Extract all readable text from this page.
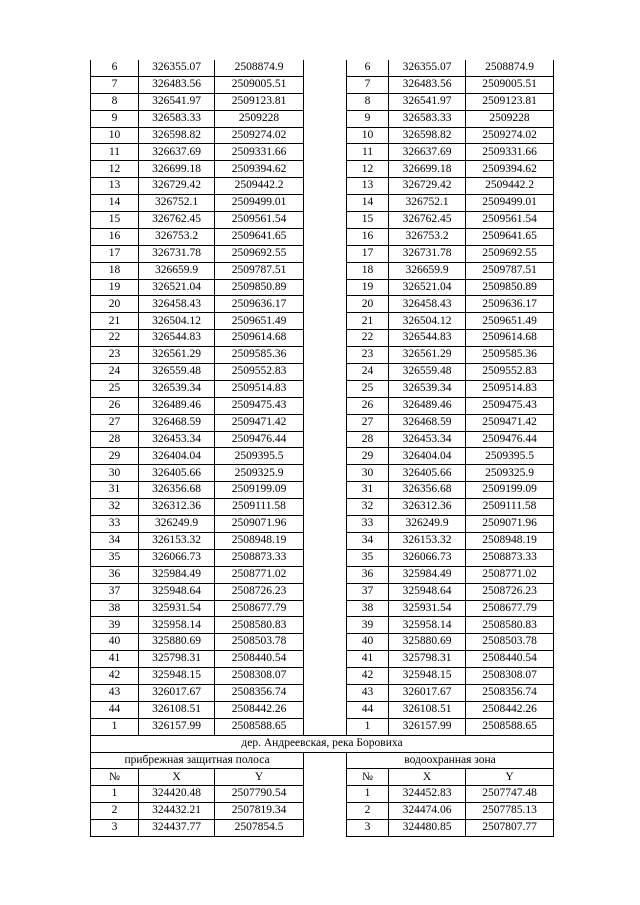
6	326355.07	2508874.9		6	326355.07	2508874.9
7	326483.56	2509005.51		7	326483.56	2509005.51
8	326541.97	2509123.81		8	326541.97	2509123.81
9	326583.33	2509228		9	326583.33	2509228
10	326598.82	2509274.02		10	326598.82	2509274.02
11	326637.69	2509331.66		11	326637.69	2509331.66
12	326699.18	2509394.62		12	326699.18	2509394.62
13	326729.42	2509442.2		13	326729.42	2509442.2
14	326752.1	2509499.01		14	326752.1	2509499.01
15	326762.45	2509561.54		15	326762.45	2509561.54
16	326753.2	2509641.65		16	326753.2	2509641.65
17	326731.78	2509692.55		17	326731.78	2509692.55
18	326659.9	2509787.51		18	326659.9	2509787.51
19	326521.04	2509850.89		19	326521.04	2509850.89
20	326458.43	2509636.17		20	326458.43	2509636.17
21	326504.12	2509651.49		21	326504.12	2509651.49
22	326544.83	2509614.68		22	326544.83	2509614.68
23	326561.29	2509585.36		23	326561.29	2509585.36
24	326559.48	2509552.83		24	326559.48	2509552.83
25	326539.34	2509514.83		25	326539.34	2509514.83
26	326489.46	2509475.43		26	326489.46	2509475.43
27	326468.59	2509471.42		27	326468.59	2509471.42
28	326453.34	2509476.44		28	326453.34	2509476.44
29	326404.04	2509395.5		29	326404.04	2509395.5
30	326405.66	2509325.9		30	326405.66	2509325.9
31	326356.68	2509199.09		31	326356.68	2509199.09
32	326312.36	2509111.58		32	326312.36	2509111.58
33	326249.9	2509071.96		33	326249.9	2509071.96
34	326153.32	2508948.19		34	326153.32	2508948.19
35	326066.73	2508873.33		35	326066.73	2508873.33
36	325984.49	2508771.02		36	325984.49	2508771.02
37	325948.64	2508726.23		37	325948.64	2508726.23
38	325931.54	2508677.79		38	325931.54	2508677.79
39	325958.14	2508580.83		39	325958.14	2508580.83
40	325880.69	2508503.78		40	325880.69	2508503.78
41	325798.31	2508440.54		41	325798.31	2508440.54
42	325948.15	2508308.07		42	325948.15	2508308.07
43	326017.67	2508356.74		43	326017.67	2508356.74
44	326108.51	2508442.26		44	326108.51	2508442.26
1	326157.99	2508588.65		1	326157.99	2508588.65
дер. Андреевская, река Боровиха						
прибрежная защитная полоса				водоохранная зона		
№	X	Y		№	X	Y
1	324420.48	2507790.54		1	324452.83	2507747.48
2	324432.21	2507819.34		2	324474.06	2507785.13
3	324437.77	2507854.5		3	324480.85	2507807.77
